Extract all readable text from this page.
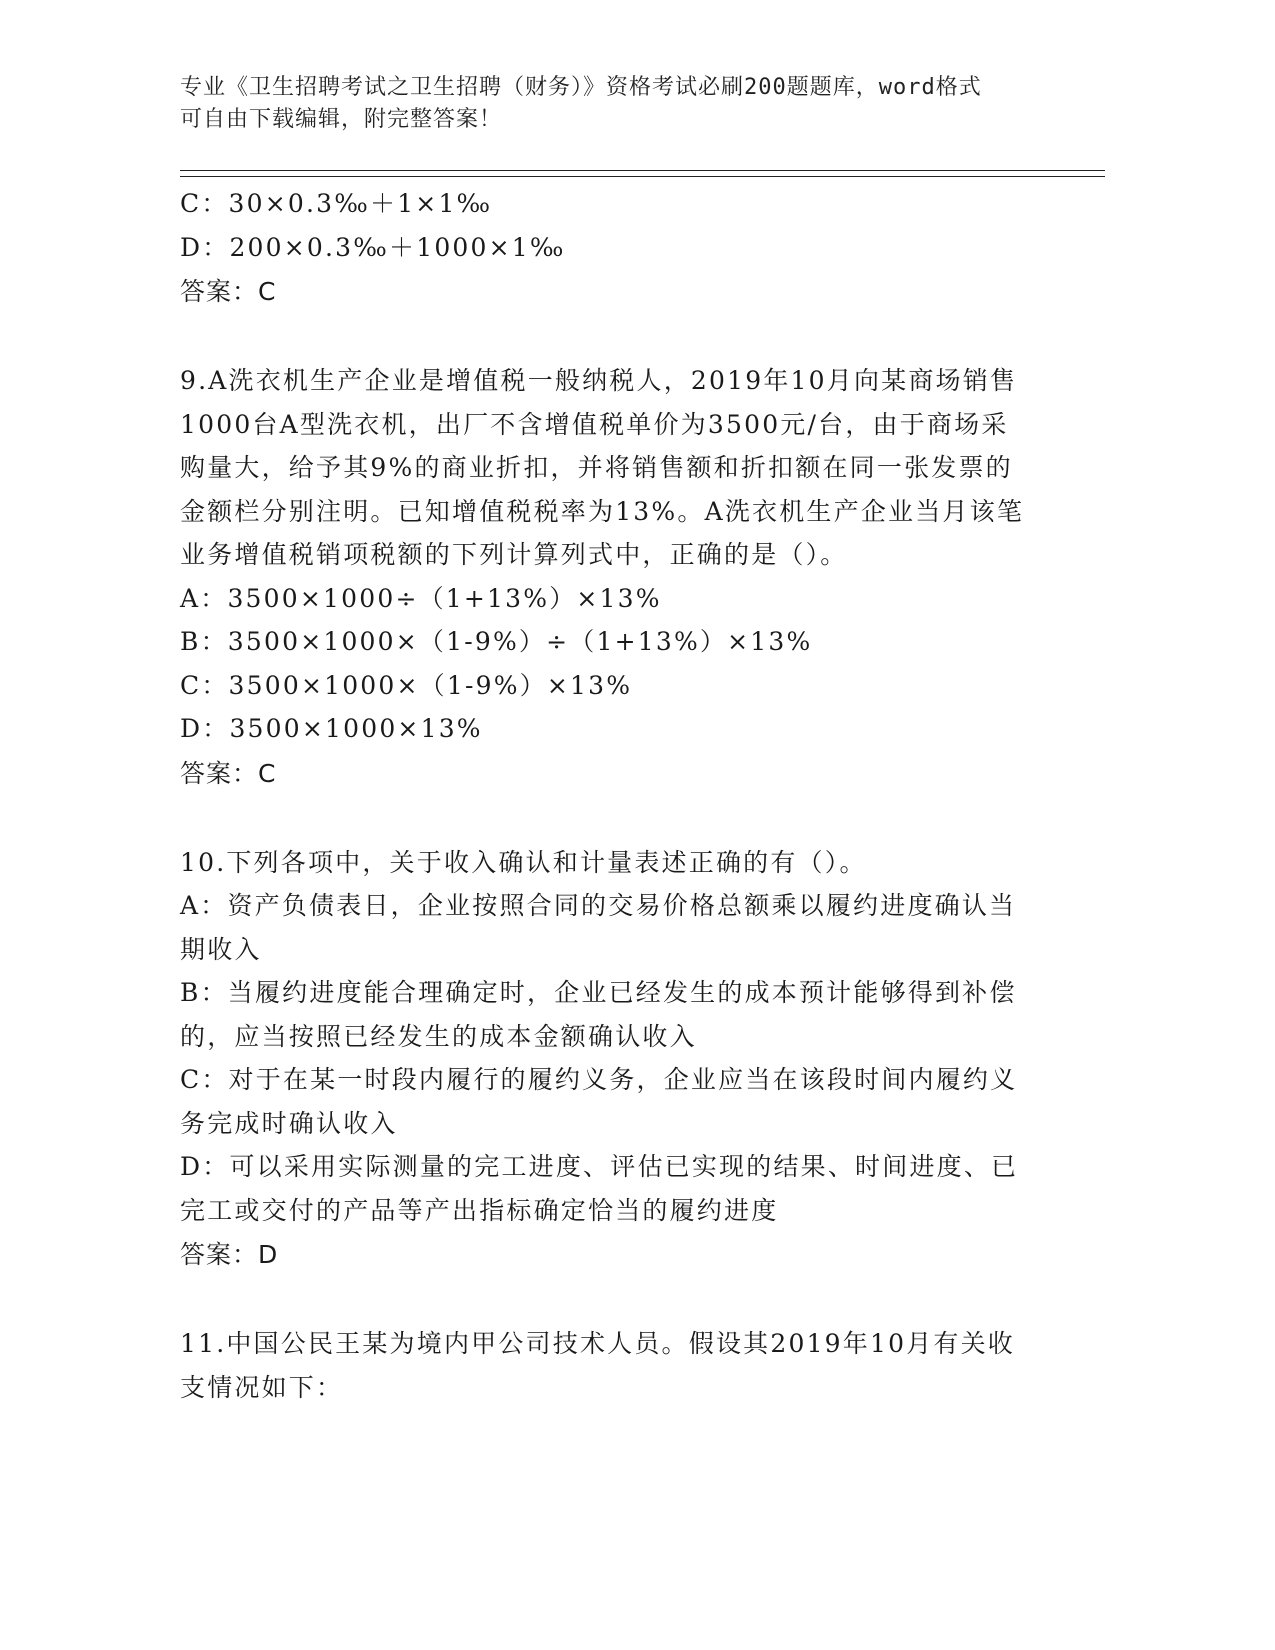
专业《卫生招聘考试之卫生招聘（财务）》资格考试必刷200题题库，word格式
可自由下载编辑，附完整答案！
C：30×0.3‰＋1×1‰
D：200×0.3‰＋1000×1‰
答案：C
9.A洗衣机生产企业是增值税一般纳税人，2019年10月向某商场销售
1000台A型洗衣机，出厂不含增值税单价为3500元/台，由于商场采
购量大，给予其9%的商业折扣，并将销售额和折扣额在同一张发票的
金额栏分别注明。已知增值税税率为13%。A洗衣机生产企业当月该笔
业务增值税销项税额的下列计算列式中，正确的是（）。
A：3500×1000÷（1+13%）×13%
B：3500×1000×（1-9%）÷（1+13%）×13%
C：3500×1000×（1-9%）×13%
D：3500×1000×13%
答案：C
10.下列各项中，关于收入确认和计量表述正确的有（）。
A：资产负债表日，企业按照合同的交易价格总额乘以履约进度确认当
期收入
B：当履约进度能合理确定时，企业已经发生的成本预计能够得到补偿
的，应当按照已经发生的成本金额确认收入
C：对于在某一时段内履行的履约义务，企业应当在该段时间内履约义
务完成时确认收入
D：可以采用实际测量的完工进度、评估已实现的结果、时间进度、已
完工或交付的产品等产出指标确定恰当的履约进度
答案：D
11.中国公民王某为境内甲公司技术人员。假设其2019年10月有关收
支情况如下：
